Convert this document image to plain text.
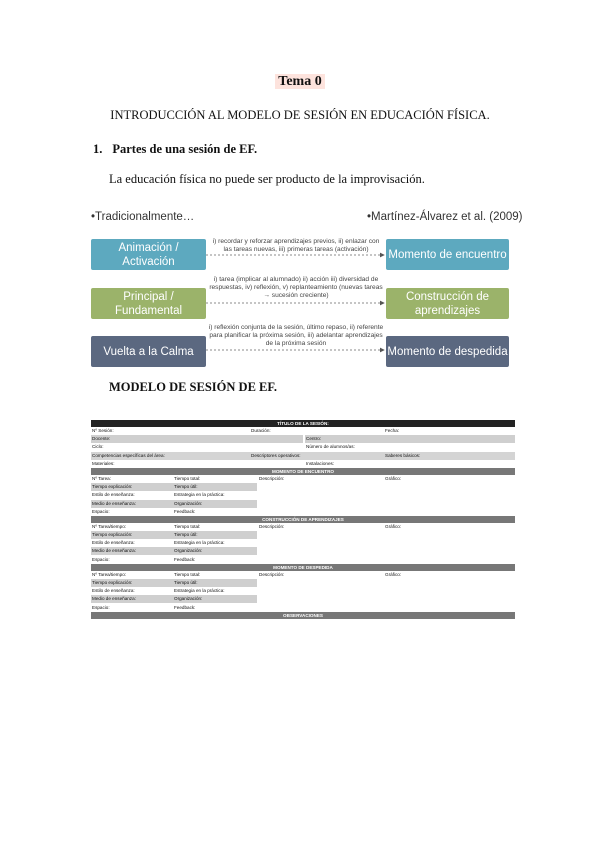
Tema 0
INTRODUCCIÓN AL MODELO DE SESIÓN EN EDUCACIÓN FÍSICA.
1. Partes de una sesión de EF.
La educación física no puede ser producto de la improvisación.
•Tradicionalmente…	•Martínez-Álvarez et al. (2009)
Animación / Activación
Principal / Fundamental
Vuelta a la Calma
Momento de encuentro
Construcción de aprendizajes
Momento de despedida
i) recordar y reforzar aprendizajes previos, ii) enlazar con las tareas nuevas, iii) primeras tareas (activación)
i) tarea (implicar al alumnado) ii) acción iii) diversidad de respuestas, iv) reflexión, v) replanteamiento (nuevas tareas → sucesión creciente)
i) reflexión conjunta de la sesión, último repaso, ii) referente para planificar la próxima sesión, iii) adelantar aprendizajes de la próxima sesión
MODELO DE SESIÓN DE EF.
TÍTULO DE LA SESIÓN:
Nº Sesión:	Duración:	Fecha:
Docente:	Centro:
Ciclo:	Número de alumnos/as:
Competencias específicas del área:	Descriptores operativos:	Saberes básicos:
Materiales:	Instalaciones:
MOMENTO DE ENCUENTRO
Nº Tarea:	Tiempo total:	Descripción:	Gráfico:
Tiempo explicación:	Tiempo útil:
Estilo de enseñanza:	Estrategia en la práctica:
Medio de enseñanza:	Organización:
Espacio:	Feedback:
CONSTRUCCIÓN DE APRENDIZAJES
Nº Tarea/tiempo:	Tiempo total:	Descripción:	Gráfico:
Tiempo explicación:	Tiempo útil:
Estilo de enseñanza:	Estrategia en la práctica:
Medio de enseñanza:	Organización:
Espacio:	Feedback:
MOMENTO DE DESPEDIDA
Nº Tarea/tiempo:	Tiempo total:	Descripción:	Gráfico:
Tiempo explicación:	Tiempo útil:
Estilo de enseñanza:	Estrategia en la práctica:
Medio de enseñanza:	Organización:
Espacio:	Feedback:
OBSERVACIONES
